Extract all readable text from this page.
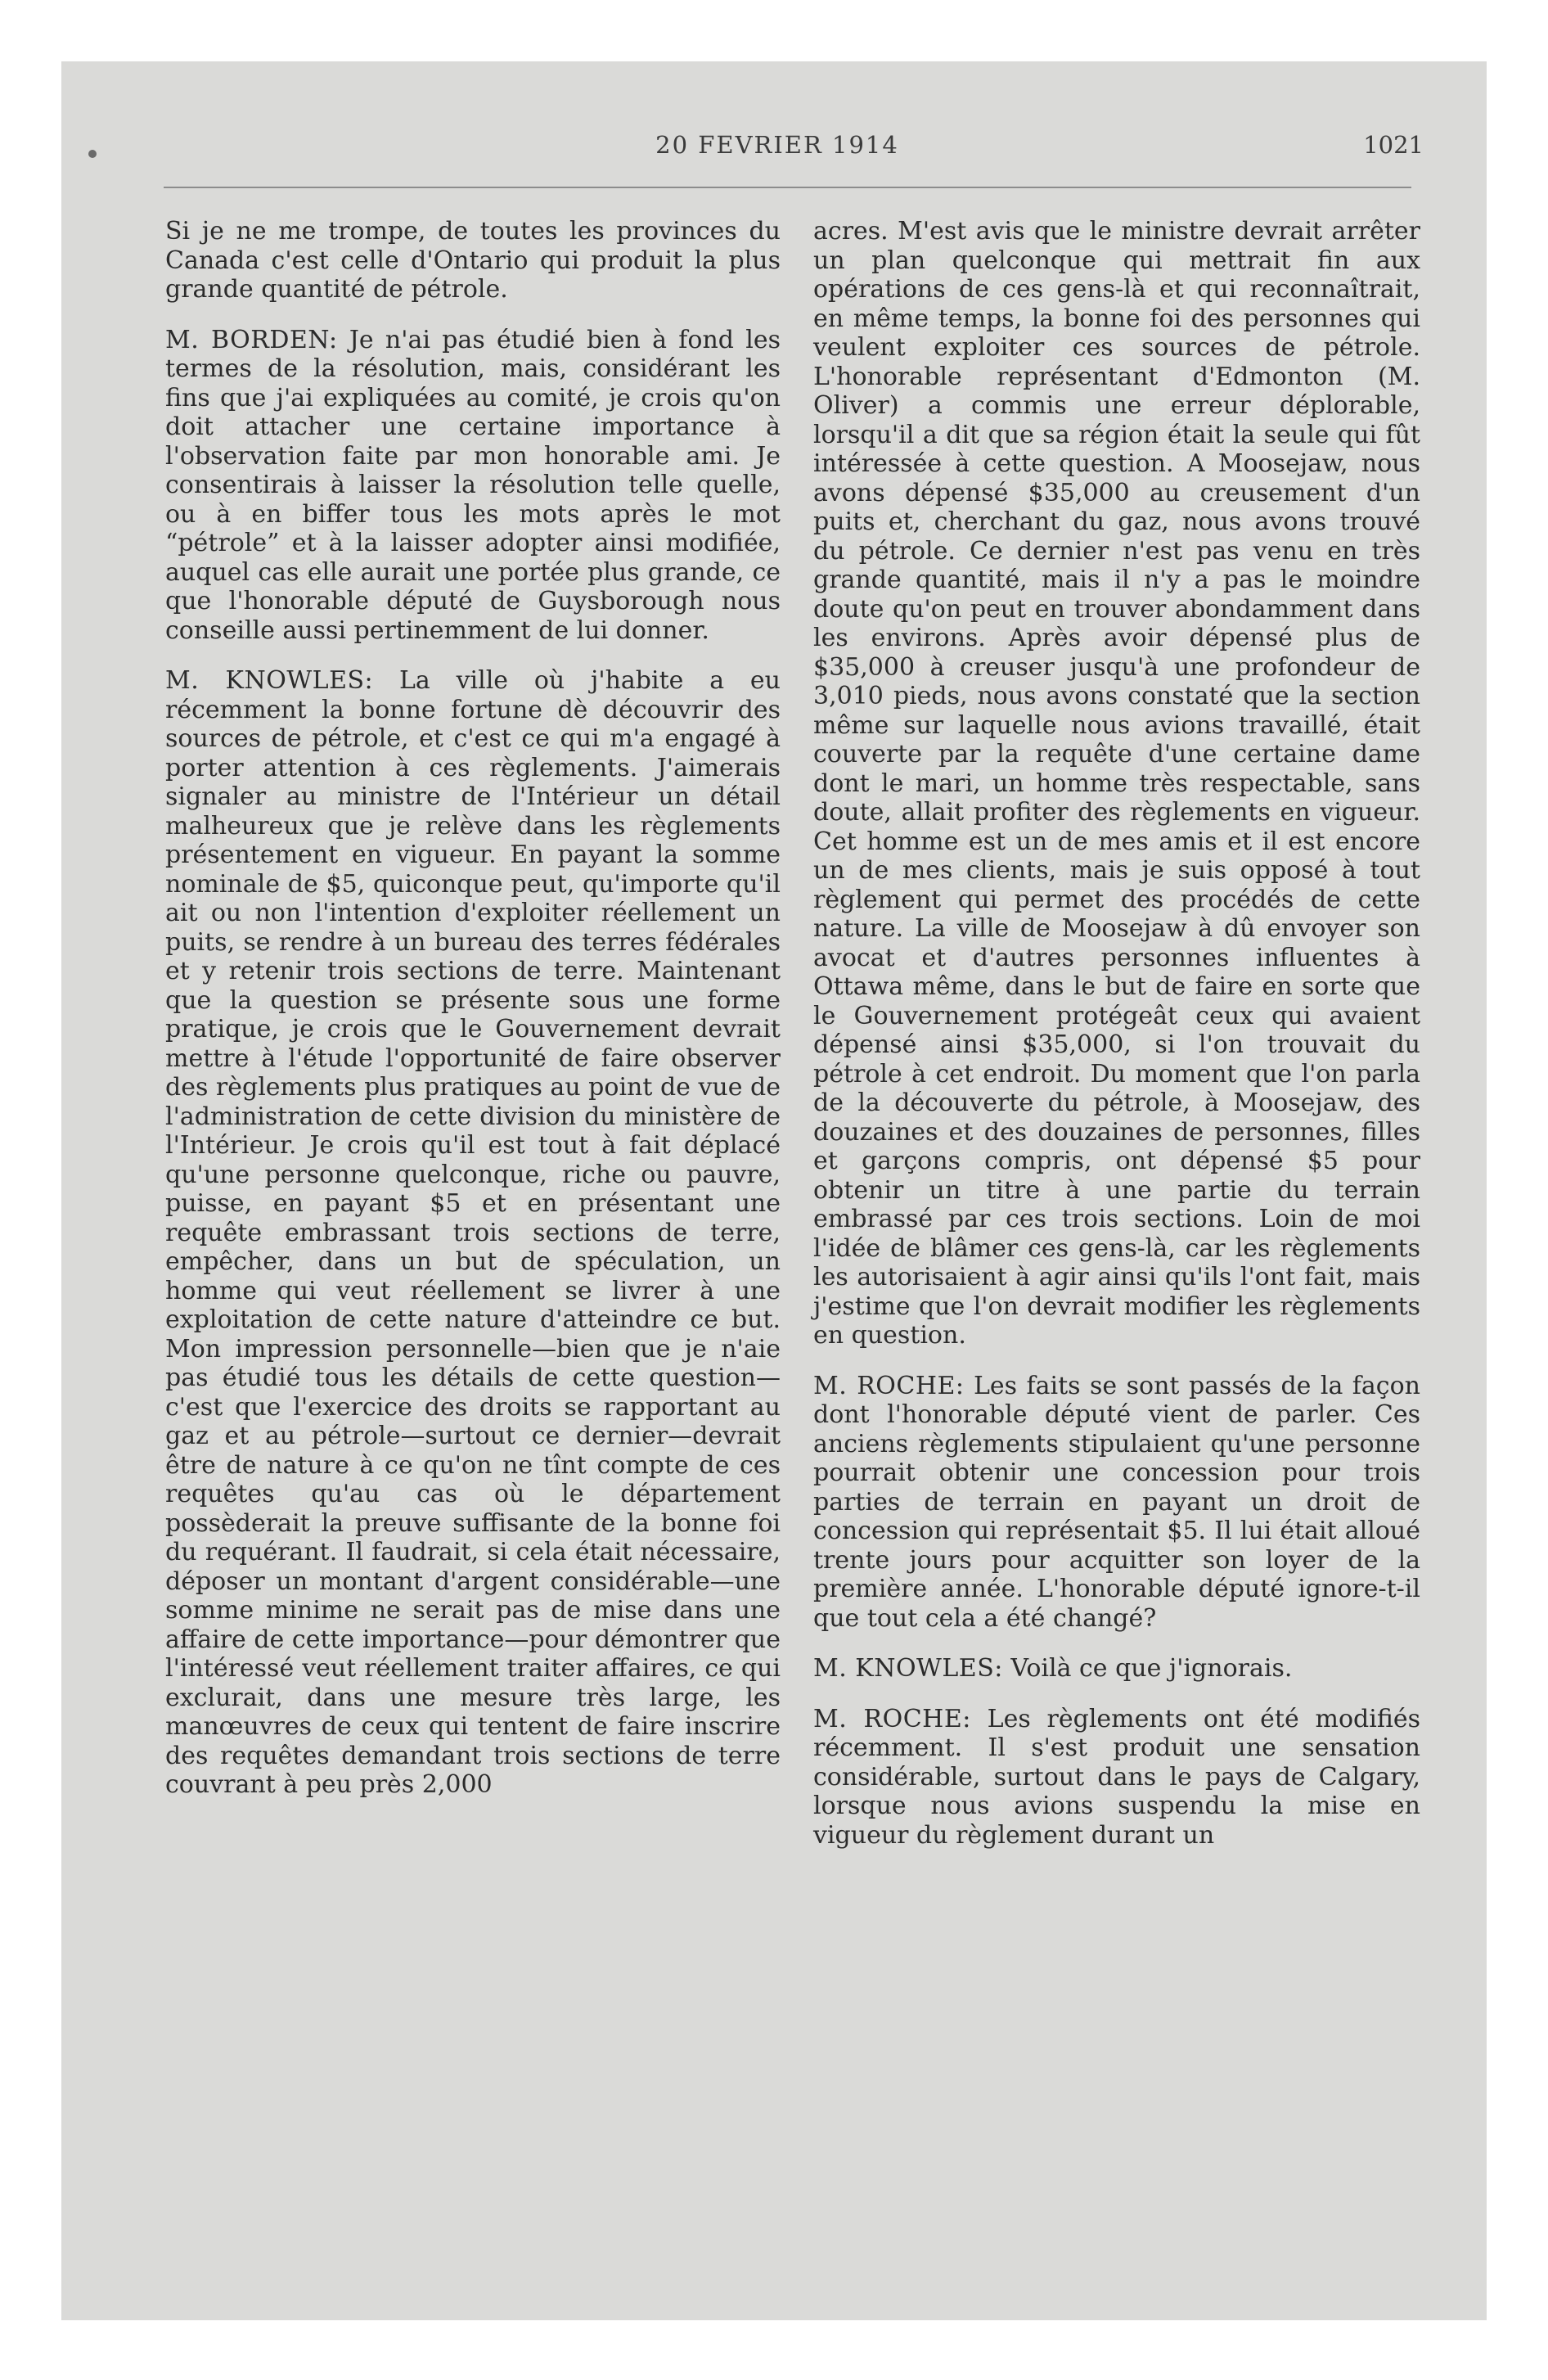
20 FEVRIER 1914	1021

Si je ne me trompe, de toutes les provinces du Canada c'est celle d'Ontario qui produit la plus grande quantité de pétrole.

M. BORDEN: Je n'ai pas étudié bien à fond les termes de la résolution, mais, considérant les fins que j'ai expliquées au comité, je crois qu'on doit attacher une certaine importance à l'observation faite par mon honorable ami. Je consentirais à laisser la résolution telle quelle, ou à en biffer tous les mots après le mot “pétrole” et à la laisser adopter ainsi modifiée, auquel cas elle aurait une portée plus grande, ce que l'honorable député de Guysborough nous conseille aussi pertinemment de lui donner.

M. KNOWLES: La ville où j'habite a eu récemment la bonne fortune dè découvrir des sources de pétrole, et c'est ce qui m'a engagé à porter attention à ces règlements. J'aimerais signaler au ministre de l'Intérieur un détail malheureux que je relève dans les règlements présentement en vigueur. En payant la somme nominale de $5, quiconque peut, qu'importe qu'il ait ou non l'intention d'exploiter réellement un puits, se rendre à un bureau des terres fédérales et y retenir trois sections de terre. Maintenant que la question se présente sous une forme pratique, je crois que le Gouvernement devrait mettre à l'étude l'opportunité de faire observer des règlements plus pratiques au point de vue de l'administration de cette division du ministère de l'Intérieur. Je crois qu'il est tout à fait déplacé qu'une personne quelconque, riche ou pauvre, puisse, en payant $5 et en présentant une requête embrassant trois sections de terre, empêcher, dans un but de spéculation, un homme qui veut réellement se livrer à une exploitation de cette nature d'atteindre ce but. Mon impression personnelle—bien que je n'aie pas étudié tous les détails de cette question—c'est que l'exercice des droits se rapportant au gaz et au pétrole—surtout ce dernier—devrait être de nature à ce qu'on ne tînt compte de ces requêtes qu'au cas où le département possèderait la preuve suffisante de la bonne foi du requérant. Il faudrait, si cela était nécessaire, déposer un montant d'argent considérable—une somme minime ne serait pas de mise dans une affaire de cette importance—pour démontrer que l'intéressé veut réellement traiter affaires, ce qui exclurait, dans une mesure très large, les manœuvres de ceux qui tentent de faire inscrire des requêtes demandant trois sections de terre couvrant à peu près 2,000

acres. M'est avis que le ministre devrait arrêter un plan quelconque qui mettrait fin aux opérations de ces gens-là et qui reconnaîtrait, en même temps, la bonne foi des personnes qui veulent exploiter ces sources de pétrole. L'honorable représentant d'Edmonton (M. Oliver) a commis une erreur déplorable, lorsqu'il a dit que sa région était la seule qui fût intéressée à cette question. A Moosejaw, nous avons dépensé $35,000 au creusement d'un puits et, cherchant du gaz, nous avons trouvé du pétrole. Ce dernier n'est pas venu en très grande quantité, mais il n'y a pas le moindre doute qu'on peut en trouver abondamment dans les environs. Après avoir dépensé plus de $35,000 à creuser jusqu'à une profondeur de 3,010 pieds, nous avons constaté que la section même sur laquelle nous avions travaillé, était couverte par la requête d'une certaine dame dont le mari, un homme très respectable, sans doute, allait profiter des règlements en vigueur. Cet homme est un de mes amis et il est encore un de mes clients, mais je suis opposé à tout règlement qui permet des procédés de cette nature. La ville de Moosejaw à dû envoyer son avocat et d'autres personnes influentes à Ottawa même, dans le but de faire en sorte que le Gouvernement protégeât ceux qui avaient dépensé ainsi $35,000, si l'on trouvait du pétrole à cet endroit. Du moment que l'on parla de la découverte du pétrole, à Moosejaw, des douzaines et des douzaines de personnes, filles et garçons compris, ont dépensé $5 pour obtenir un titre à une partie du terrain embrassé par ces trois sections. Loin de moi l'idée de blâmer ces gens-là, car les règlements les autorisaient à agir ainsi qu'ils l'ont fait, mais j'estime que l'on devrait modifier les règlements en question.

M. ROCHE: Les faits se sont passés de la façon dont l'honorable député vient de parler. Ces anciens règlements stipulaient qu'une personne pourrait obtenir une concession pour trois parties de terrain en payant un droit de concession qui représentait $5. Il lui était alloué trente jours pour acquitter son loyer de la première année. L'honorable député ignore-t-il que tout cela a été changé?

M. KNOWLES: Voilà ce que j'ignorais.

M. ROCHE: Les règlements ont été modifiés récemment. Il s'est produit une sensation considérable, surtout dans le pays de Calgary, lorsque nous avions suspendu la mise en vigueur du règlement durant un
